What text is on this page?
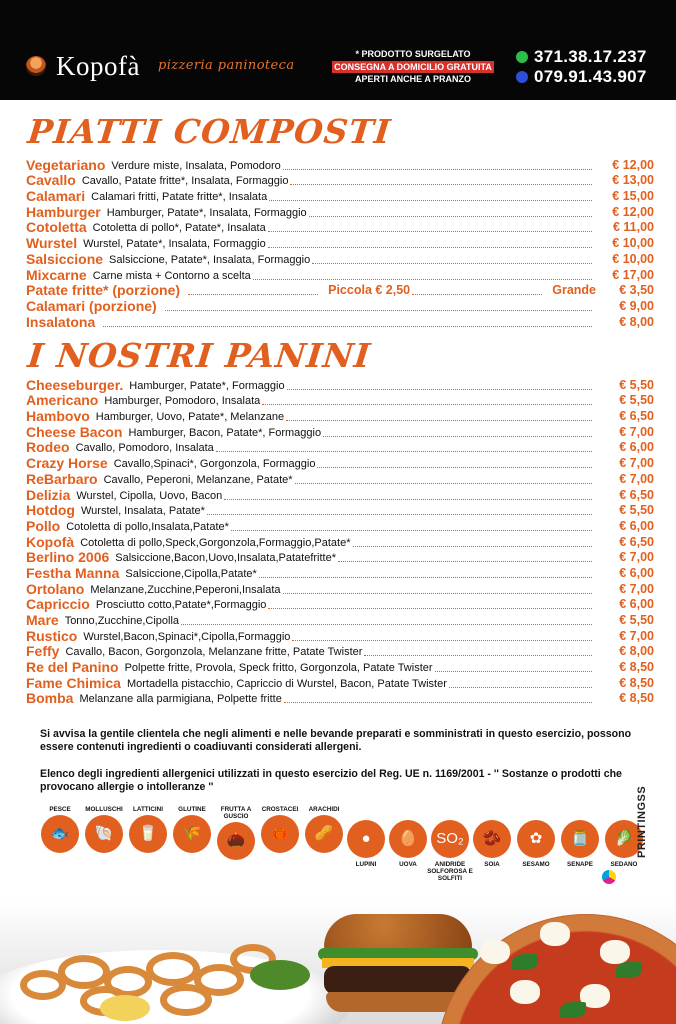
Kopofà pizzeria paninoteca
* PRODOTTO SURGELATO
CONSEGNA A DOMICILIO GRATUITA
APERTI ANCHE A PRANZO
371.38.17.237
079.91.43.907
PIATTI COMPOSTI
Vegetariano Verdure miste, Insalata, Pomodoro	€ 12,00
Cavallo Cavallo, Patate fritte*, Insalata, Formaggio	€ 13,00
Calamari Calamari fritti, Patate fritte*, Insalata	€ 15,00
Hamburger Hamburger, Patate*, Insalata, Formaggio	€ 12,00
Cotoletta Cotoletta di pollo*, Patate*, Insalata	€ 11,00
Wurstel Wurstel, Patate*, Insalata, Formaggio	€ 10,00
Salsiccione Salsiccione, Patate*, Insalata, Formaggio	€ 10,00
Mixcarne Carne mista + Contorno a scelta	€ 17,00
Patate fritte* (porzione)	Piccola € 2,50	Grande	€ 3,50
Calamari (porzione)	€ 9,00
Insalatona	€ 8,00
I NOSTRI PANINI
Cheeseburger. Hamburger, Patate*, Formaggio	€ 5,50
Americano Hamburger, Pomodoro, Insalata	€ 5,50
Hambovo Hamburger, Uovo, Patate*, Melanzane	€ 6,50
Cheese Bacon Hamburger, Bacon, Patate*, Formaggio	€ 7,00
Rodeo Cavallo, Pomodoro, Insalata	€ 6,00
Crazy Horse Cavallo,Spinaci*, Gorgonzola, Formaggio	€ 7,00
ReBarbaro Cavallo, Peperoni, Melanzane, Patate*	€ 7,00
Delizia Wurstel, Cipolla, Uovo, Bacon	€ 6,50
Hotdog Wurstel, Insalata, Patate*	€ 5,50
Pollo Cotoletta di pollo,Insalata,Patate*	€ 6,00
Kopofà Cotoletta di pollo,Speck,Gorgonzola,Formaggio,Patate*	€ 6,50
Berlino 2006 Salsiccione,Bacon,Uovo,Insalata,Patatefritte*	€ 7,00
Festha Manna Salsiccione,Cipolla,Patate*	€ 6,00
Ortolano Melanzane,Zucchine,Peperoni,Insalata	€ 7,00
Capriccio Prosciutto cotto,Patate*,Formaggio	€ 6,00
Mare Tonno,Zucchine,Cipolla	€ 5,50
Rustico Wurstel,Bacon,Spinaci*,Cipolla,Formaggio	€ 7,00
Feffy Cavallo, Bacon, Gorgonzola, Melanzane fritte, Patate Twister	€ 8,00
Re del Panino Polpette fritte, Provola, Speck fritto, Gorgonzola, Patate Twister	€ 8,50
Fame Chimica Mortadella pistacchio, Capriccio di Wurstel, Bacon, Patate Twister	€ 8,50
Bomba Melanzane alla parmigiana, Polpette fritte	€ 8,50
Si avvisa la gentile clientela che negli alimenti e nelle bevande preparati e somministrati in questo esercizio, possono essere contenuti ingredienti o coadiuvanti considerati allergeni.
Elenco degli ingredienti allergenici utilizzati in questo esercizio del Reg. UE n. 1169/2001 - '' Sostanze o prodotti che provocano allergie o intolleranze ''
PESCE
🐟
MOLLUSCHI
🐚
LATTICINI
🥛
GLUTINE
🌾
FRUTTA A GUSCIO
🌰
CROSTACEI
🦀
ARACHIDI
🥜	●
LUPINI
🥚
UOVA
SO₂
ANIDRIDE SOLFOROSA E SOLFITI
🫘
SOIA
✿
SESAMO
🫙
SENAPE
🥬
SEDANO
PRINTINGSS
